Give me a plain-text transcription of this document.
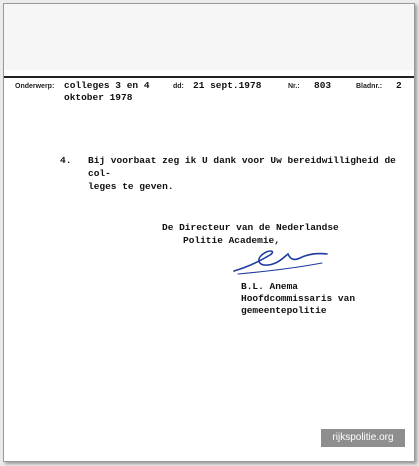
Onderwerp: colleges 3 en 4
oktober 1978
dd: 21 sept.1978	Nr.: 803	Bladnr.: 2
4. Bij voorbaat zeg ik U dank voor Uw bereidwilligheid de col-
leges te geven.
De Directeur van de Nederlandse
Politie Academie,
B.L. Anema
Hoofdcommissaris van
gemeentepolitie
rijkspolitie.org
